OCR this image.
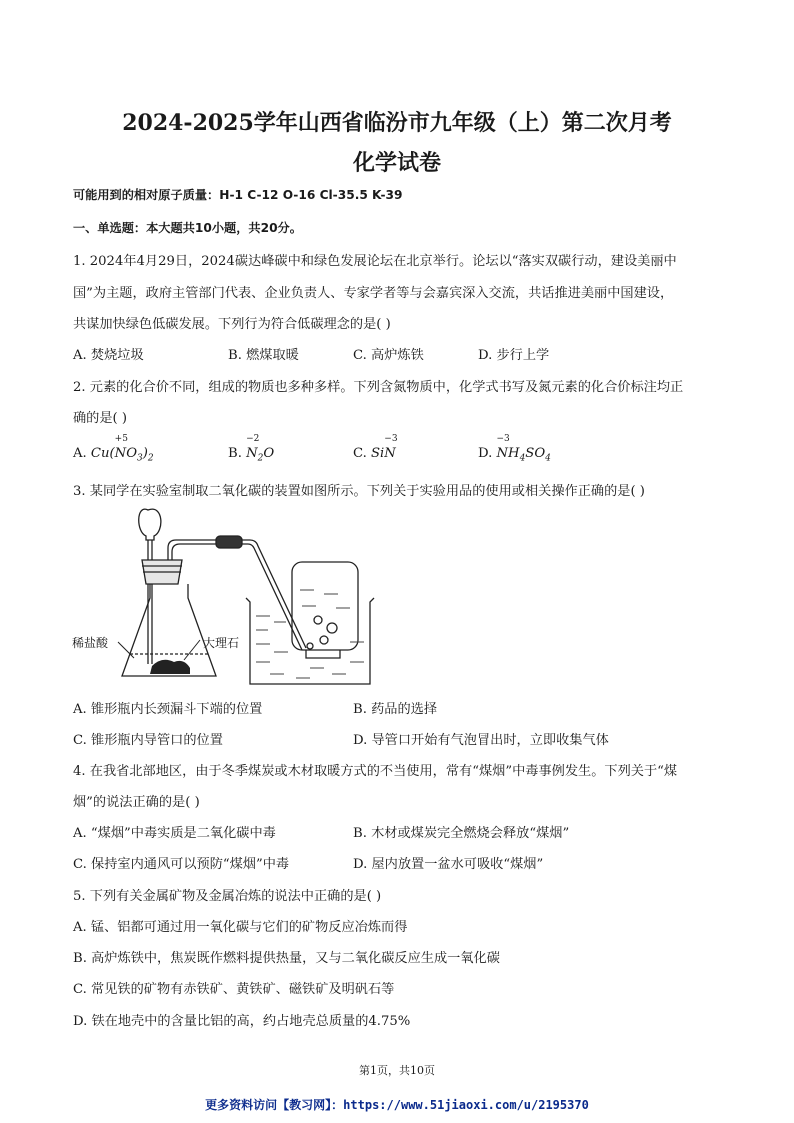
2024-2025学年山西省临汾市九年级（上）第二次月考
化学试卷
可能用到的相对原子质量：H-1 C-12 O-16 Cl-35.5 K-39
一、单选题：本大题共10小题，共20分。
1. 2024年4月29日，2024碳达峰碳中和绿色发展论坛在北京举行。论坛以“落实双碳行动，建设美丽中
国”为主题，政府主管部门代表、企业负责人、专家学者等与会嘉宾深入交流，共话推进美丽中国建设，
共谋加快绿色低碳发展。下列行为符合低碳理念的是( )
A. 焚烧垃圾	B. 燃煤取暖	C. 高炉炼铁	D. 步行上学
2. 元素的化合价不同，组成的物质也多种多样。下列含氮物质中，化学式书写及氮元素的化合价标注均正
确的是( )
A. Cu(
+5
$NO_3)_2$	B.
−2
$N_2O$	C. Si
−3
N	D.
−3
$NH_4SO_4$
3. 某同学在实验室制取二氧化碳的装置如图所示。下列关于实验用品的使用或相关操作正确的是( )
稀盐酸	大理石
A. 锥形瓶内长颈漏斗下端的位置	B. 药品的选择
C. 锥形瓶内导管口的位置	D. 导管口开始有气泡冒出时，立即收集气体
4. 在我省北部地区，由于冬季煤炭或木材取暖方式的不当使用，常有“煤烟”中毒事例发生。下列关于“煤
烟”的说法正确的是( )
A. “煤烟”中毒实质是二氧化碳中毒	B. 木材或煤炭完全燃烧会释放“煤烟”
C. 保持室内通风可以预防“煤烟”中毒	D. 屋内放置一盆水可吸收“煤烟”
5. 下列有关金属矿物及金属冶炼的说法中正确的是( )
A. 锰、铝都可通过用一氧化碳与它们的矿物反应冶炼而得
B. 高炉炼铁中，焦炭既作燃料提供热量，又与二氧化碳反应生成一氧化碳
C. 常见铁的矿物有赤铁矿、黄铁矿、磁铁矿及明矾石等
D. 铁在地壳中的含量比铝的高，约占地壳总质量的4.75%
第1页，共10页
更多资料访问【教习网】：https://www.51jiaoxi.com/u/2195370
